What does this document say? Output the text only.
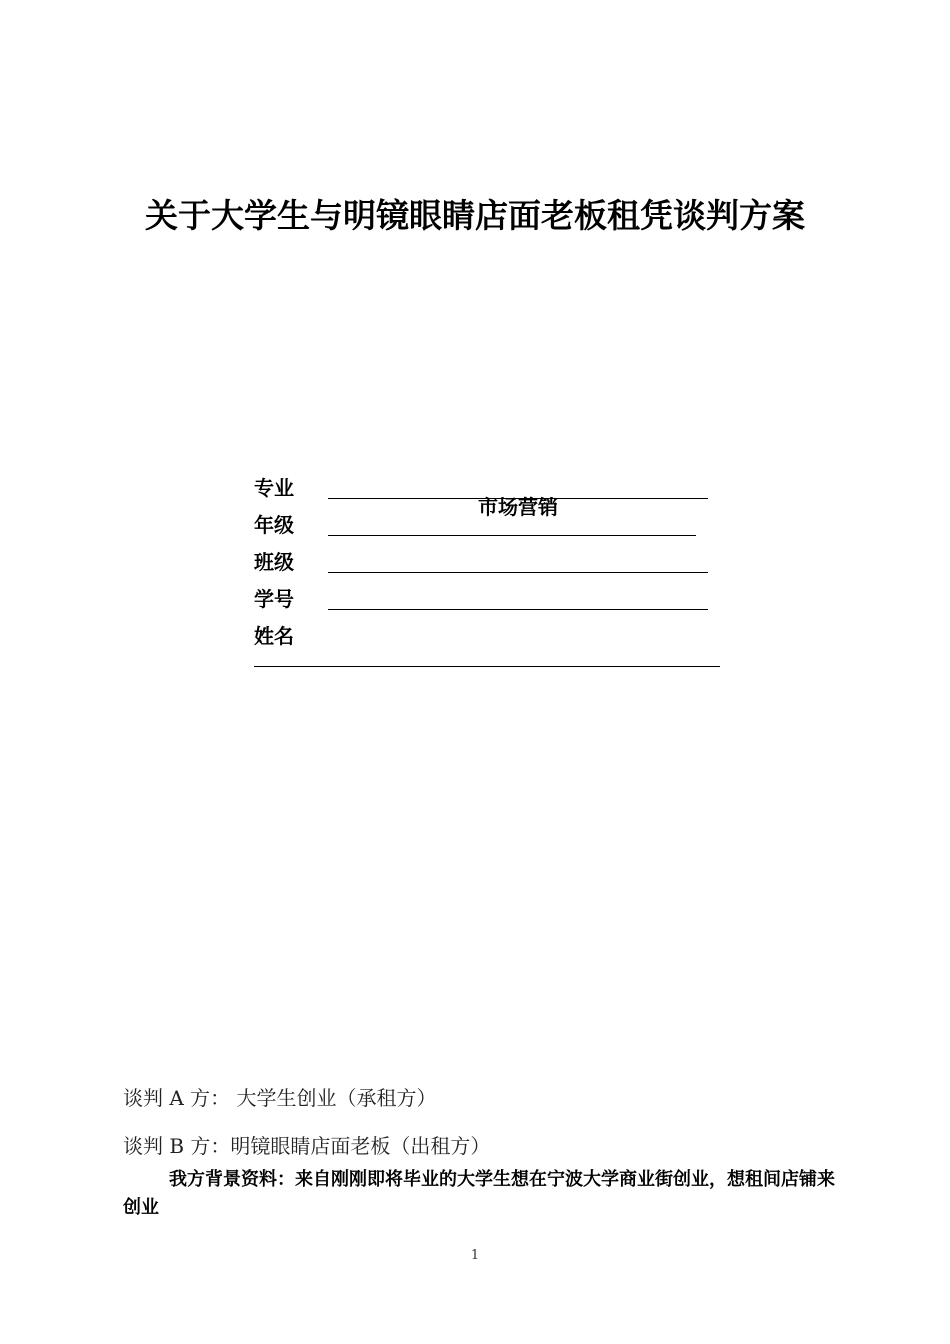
关于大学生与明镜眼睛店面老板租凭谈判方案
专业
市场营销
年级
班级
学号
姓名
谈判 A 方： 大学生创业（承租方）
谈判 B 方：明镜眼睛店面老板（出租方）

我方背景资料：来自刚刚即将毕业的大学生想在宁波大学商业街创业，想租间店铺来创业

1
